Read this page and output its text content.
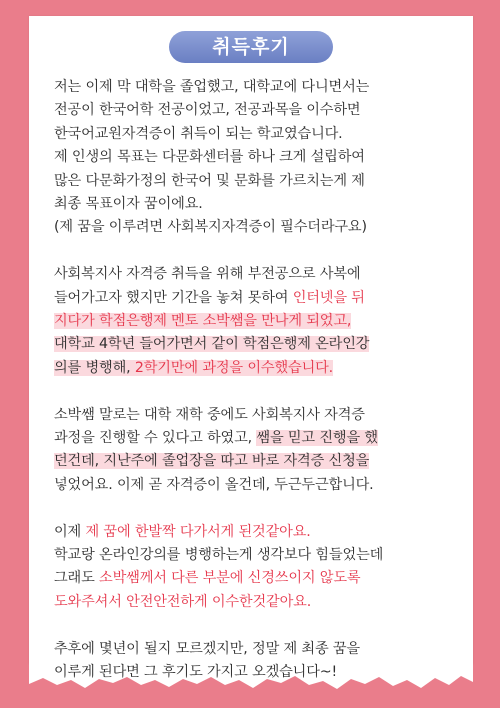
취득후기

저는 이제 막 대학을 졸업했고, 대학교에 다니면서는
전공이 한국어학 전공이었고, 전공과목을 이수하면
한국어교원자격증이 취득이 되는 학교였습니다.
제 인생의 목표는 다문화센터를 하나 크게 설립하여
많은 다문화가정의 한국어 및 문화를 가르치는게 제
최종 목표이자 꿈이에요.
(제 꿈을 이루려면 사회복지자격증이 필수더라구요)

사회복지사 자격증 취득을 위해 부전공으로 사복에
들어가고자 했지만 기간을 놓쳐 못하여 인터넷을 뒤
지다가 학점은행제 멘토 소박쌤을 만나게 되었고,
대학교 4학년 들어가면서 같이 학점은행제 온라인강
의를 병행해, 2학기만에 과정을 이수했습니다.

소박쌤 말로는 대학 재학 중에도 사회복지사 자격증
과정을 진행할 수 있다고 하였고, 쌤을 믿고 진행을 했
던건데, 지난주에 졸업장을 따고 바로 자격증 신청을
넣었어요. 이제 곧 자격증이 올건데, 두근두근합니다.

이제 제 꿈에 한발짝 다가서게 된것같아요.
학교랑 온라인강의를 병행하는게 생각보다 힘들었는데
그래도 소박쌤께서 다른 부분에 신경쓰이지 않도록
도와주셔서 안전안전하게 이수한것같아요.

추후에 몇년이 될지 모르겠지만, 정말 제 최종 꿈을
이루게 된다면 그 후기도 가지고 오겠습니다~!
